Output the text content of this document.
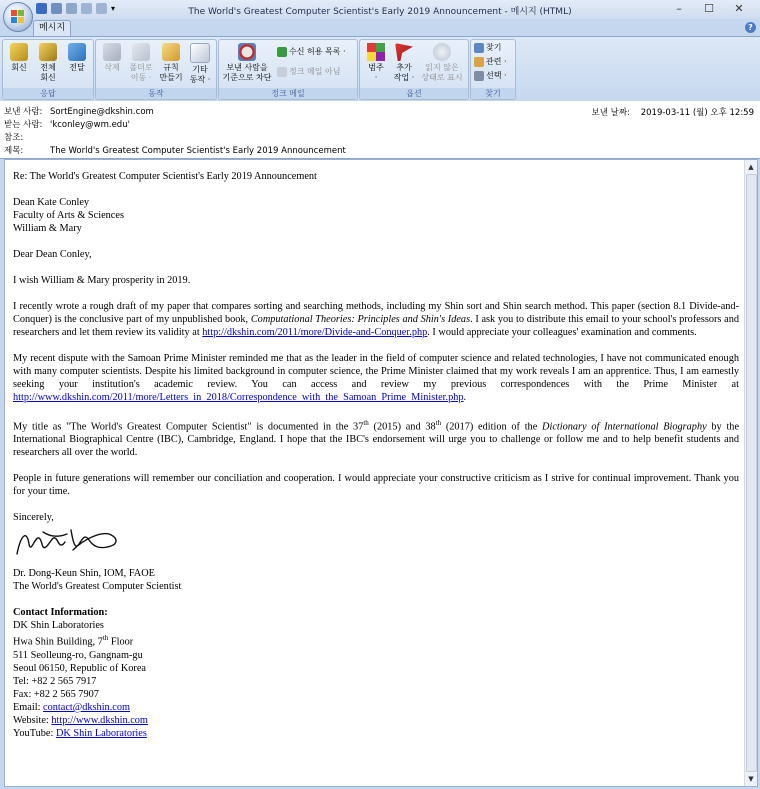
▾	The World's Greatest Computer Scientist's Early 2019 Announcement - 메시지 (HTML)	–	☐	✕
메시지	?
회신	전체
회신
전달
응답
삭제	폴더로
이동 ·
규칙
만들기
기타
동작 ·
동작
보낸 사람을
기준으로 차단
수신 허용 목록 ·
정크 메일 아님
정크 메일
범주
·
추가
작업 ·
읽지 않은
상태로 표시
옵션
찾기
관련 ·
선택 ·
찾기
보낸 사람: SortEngine@dkshin.com
받는 사람: 'kconley@wm.edu'
참조:
제목:	The World's Greatest Computer Scientist's Early 2019 Announcement
보낸 날짜: 2019-03-11 (월) 오후 12:59

Re: The World's Greatest Computer Scientist's Early 2019 Announcement

Dean Kate Conley
Faculty of Arts & Sciences
William & Mary

Dear Dean Conley,

I wish William & Mary prosperity in 2019.

I recently wrote a rough draft of my paper that compares sorting and searching methods, including my Shin sort and Shin search method. This paper (section 8.1 Divide-and-Conquer) is the conclusive part of my unpublished book, Computational Theories: Principles and Shin's Ideas. I ask you to distribute this email to your school's professors and researchers and let them review its validity at http://dkshin.com/2011/more/Divide-and-Conquer.php. I would appreciate your colleagues' examination and comments.

My recent dispute with the Samoan Prime Minister reminded me that as the leader in the field of computer science and related technologies, I have not communicated enough with many computer scientists. Despite his limited background in computer science, the Prime Minister claimed that my work reveals I am an apprentice. Thus, I am earnestly seeking your institution's academic review. You can access and review my previous correspondences with the Prime Minister at http://www.dkshin.com/2011/more/Letters_in_2018/Correspondence_with_the_Samoan_Prime_Minister.php.

My title as "The World's Greatest Computer Scientist" is documented in the 37th (2015) and 38th (2017) edition of the Dictionary of International Biography by the International Biographical Centre (IBC), Cambridge, England. I hope that the IBC's endorsement will urge you to challenge or follow me and to help benefit students and researchers all over the world.

People in future generations will remember our conciliation and cooperation. I would appreciate your constructive criticism as I strive for continual improvement. Thank you for your time.

Sincerely,

Dr. Dong-Keun Shin, IOM, FAOE
The World's Greatest Computer Scientist

Contact Information:
DK Shin Laboratories
Hwa Shin Building, 7th Floor
511 Seolleung-ro, Gangnam-gu
Seoul 06150, Republic of Korea
Tel: +82 2 565 7917
Fax: +82 2 565 7907
Email: contact@dkshin.com
Website: http://www.dkshin.com
YouTube: DK Shin Laboratories

▲
▼
